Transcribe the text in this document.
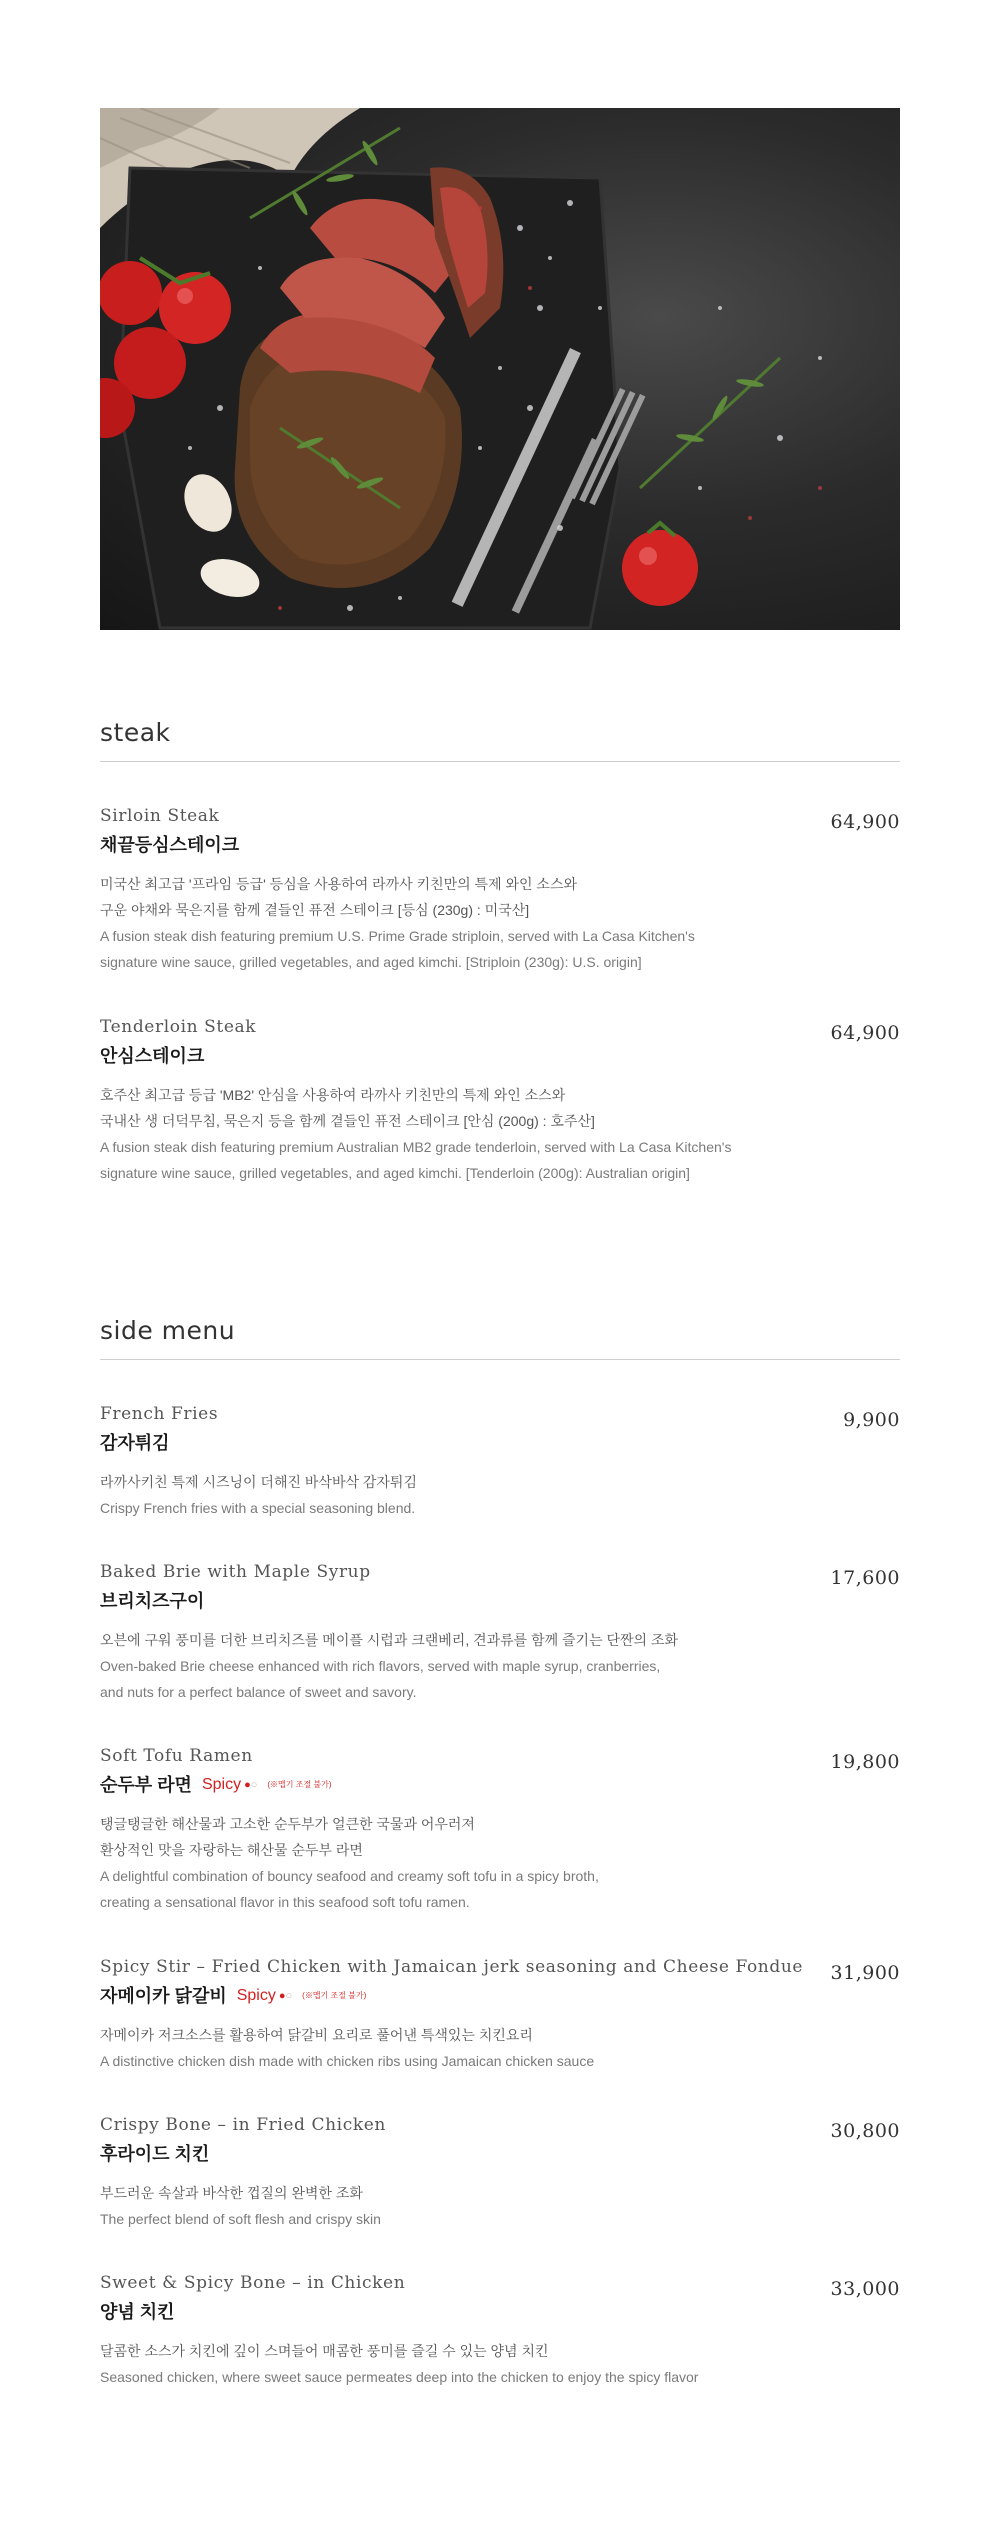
steak
Sirloin Steak
채끝등심스테이크
64,900
미국산 최고급 '프라임 등급' 등심을 사용하여 라까사 키친만의 특제 와인 소스와
구운 야채와 묵은지를 함께 곁들인 퓨전 스테이크 [등심 (230g) : 미국산]
A fusion steak dish featuring premium U.S. Prime Grade striploin, served with La Casa Kitchen's
signature wine sauce, grilled vegetables, and aged kimchi. [Striploin (230g): U.S. origin]
Tenderloin Steak
안심스테이크
64,900
호주산 최고급 등급 'MB2' 안심을 사용하여 라까사 키친만의 특제 와인 소스와
국내산 생 더덕무침, 묵은지 등을 함께 곁들인 퓨전 스테이크 [안심 (200g) : 호주산]
A fusion steak dish featuring premium Australian MB2 grade tenderloin, served with La Casa Kitchen's
signature wine sauce, grilled vegetables, and aged kimchi. [Tenderloin (200g): Australian origin]
side menu
French Fries
감자튀김
9,900
라까사키친 특제 시즈닝이 더해진 바삭바삭 감자튀김
Crispy French fries with a special seasoning blend.
Baked Brie with Maple Syrup
브리치즈구이
17,600
오븐에 구워 풍미를 더한 브리치즈를 메이플 시럽과 크랜베리, 견과류를 함께 즐기는 단짠의 조화
Oven-baked Brie cheese enhanced with rich flavors, served with maple syrup, cranberries,
and nuts for a perfect balance of sweet and savory.
Soft Tofu Ramen
순두부 라면 Spicy ●○ (※맵기 조절 불가)
19,800
탱글탱글한 해산물과 고소한 순두부가 얼큰한 국물과 어우러져
환상적인 맛을 자랑하는 해산물 순두부 라면
A delightful combination of bouncy seafood and creamy soft tofu in a spicy broth,
creating a sensational flavor in this seafood soft tofu ramen.
Spicy Stir – Fried Chicken with Jamaican jerk seasoning and Cheese Fondue
자메이카 닭갈비 Spicy ●○ (※맵기 조절 불가)
31,900
자메이카 저크소스를 활용하여 닭갈비 요리로 풀어낸 특색있는 치킨요리
A distinctive chicken dish made with chicken ribs using Jamaican chicken sauce
Crispy Bone – in Fried Chicken
후라이드 치킨
30,800
부드러운 속살과 바삭한 껍질의 완벽한 조화
The perfect blend of soft flesh and crispy skin
Sweet & Spicy Bone – in Chicken
양념 치킨
33,000
달콤한 소스가 치킨에 깊이 스며들어 매콤한 풍미를 즐길 수 있는 양념 치킨
Seasoned chicken, where sweet sauce permeates deep into the chicken to enjoy the spicy flavor
